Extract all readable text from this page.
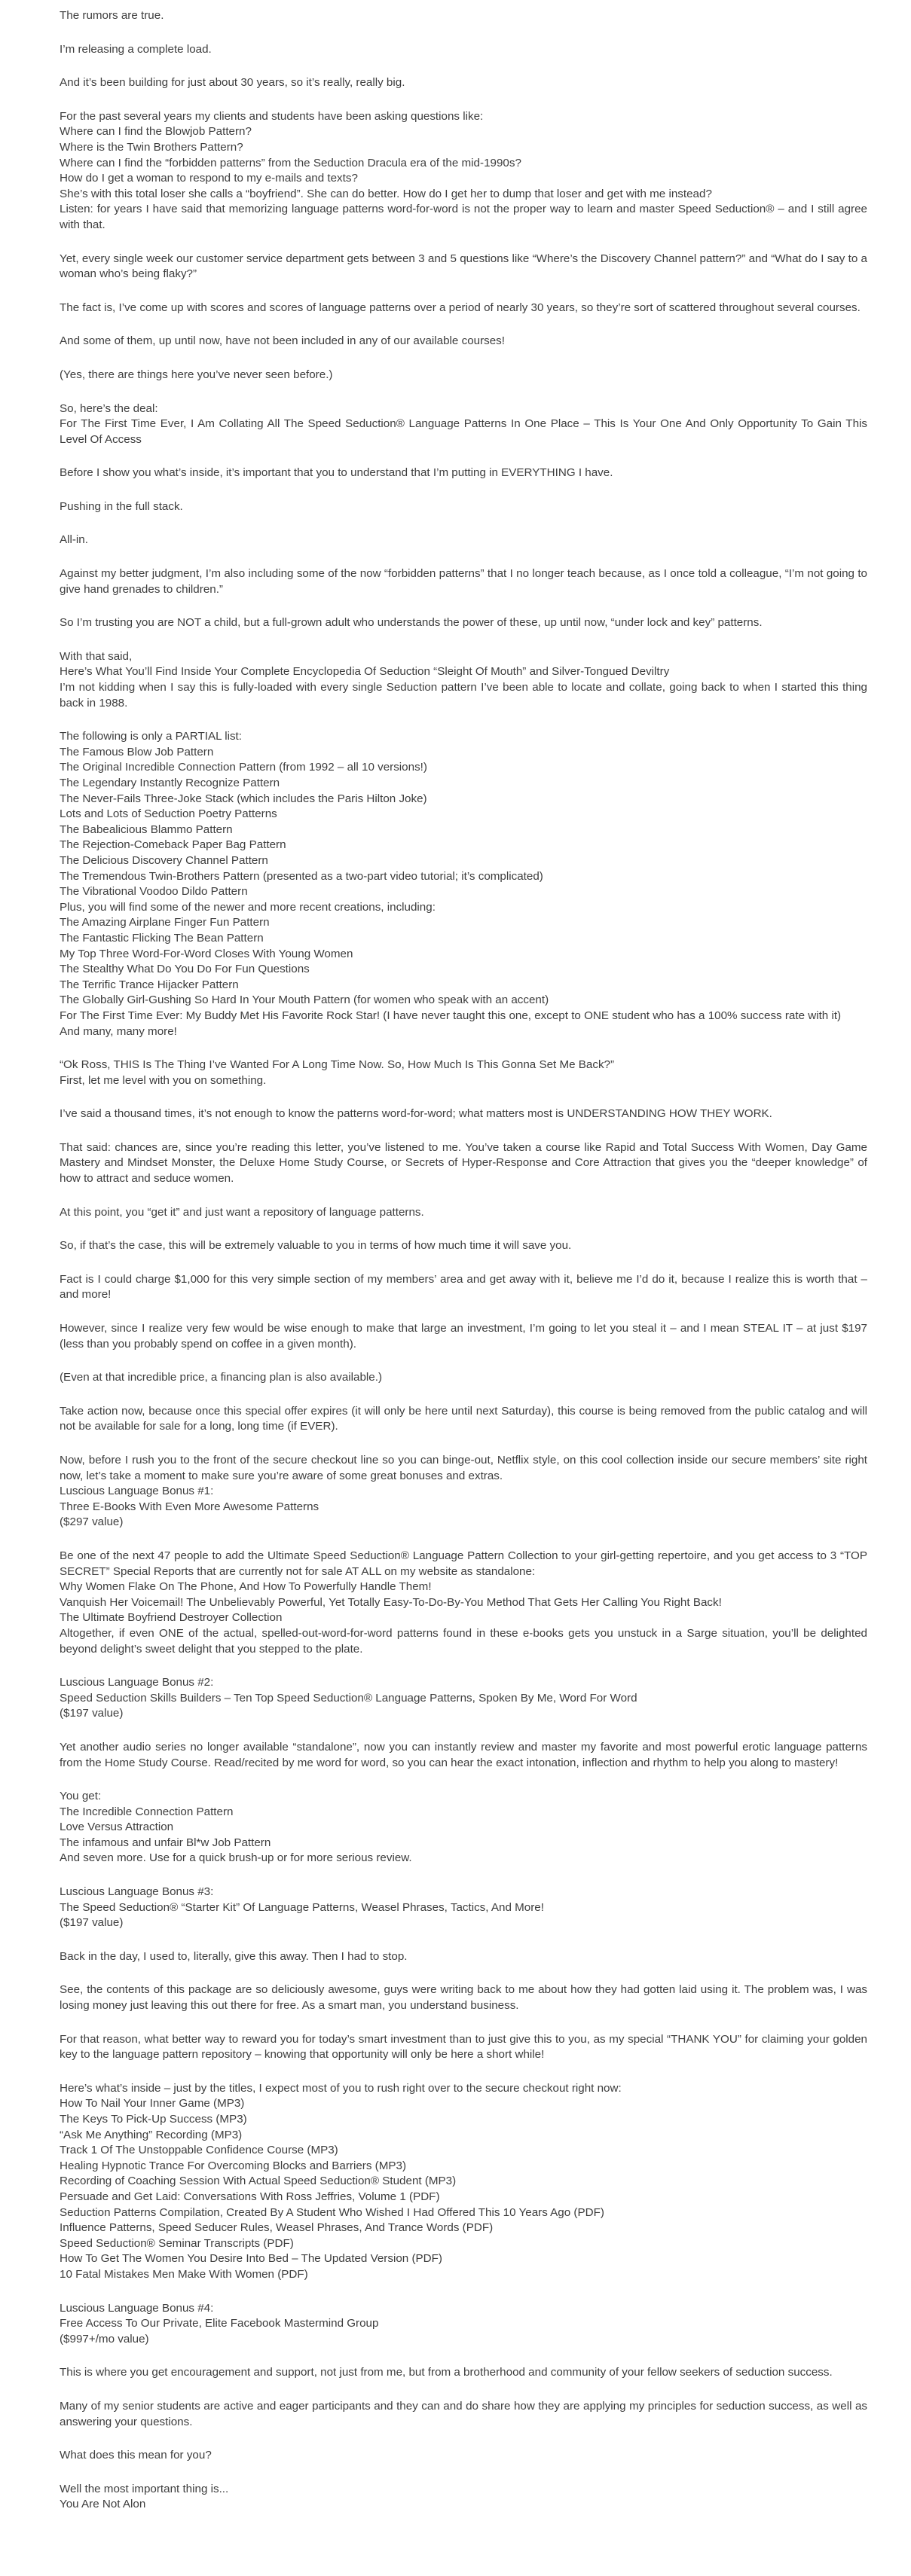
The rumors are true.

I’m releasing a complete load.

And it’s been building for just about 30 years, so it’s really, really big.

For the past several years my clients and students have been asking questions like:
Where can I find the Blowjob Pattern?
Where is the Twin Brothers Pattern?
Where can I find the “forbidden patterns” from the Seduction Dracula era of the mid-1990s?
How do I get a woman to respond to my e-mails and texts?
She’s with this total loser she calls a “boyfriend”. She can do better. How do I get her to dump that loser and get with me instead?
Listen: for years I have said that memorizing language patterns word-for-word is not the proper way to learn and master Speed Seduction® – and I still agree with that.

Yet, every single week our customer service department gets between 3 and 5 questions like “Where’s the Discovery Channel pattern?” and “What do I say to a woman who’s being flaky?”

The fact is, I’ve come up with scores and scores of language patterns over a period of nearly 30 years, so they’re sort of scattered throughout several courses.

And some of them, up until now, have not been included in any of our available courses!

(Yes, there are things here you’ve never seen before.)

So, here’s the deal:
For The First Time Ever, I Am Collating All The Speed Seduction® Language Patterns In One Place – This Is Your One And Only Opportunity To Gain This Level Of Access

Before I show you what’s inside, it’s important that you to understand that I’m putting in EVERYTHING I have.

Pushing in the full stack.

All-in.

Against my better judgment, I’m also including some of the now “forbidden patterns” that I no longer teach because, as I once told a colleague, “I’m not going to give hand grenades to children.”

So I’m trusting you are NOT a child, but a full-grown adult who understands the power of these, up until now, “under lock and key” patterns.

With that said,
Here’s What You’ll Find Inside Your Complete Encyclopedia Of Seduction “Sleight Of Mouth” and Silver-Tongued Deviltry
I’m not kidding when I say this is fully-loaded with every single Seduction pattern I’ve been able to locate and collate, going back to when I started this thing back in 1988.

The following is only a PARTIAL list:
The Famous Blow Job Pattern
The Original Incredible Connection Pattern (from 1992 – all 10 versions!)
The Legendary Instantly Recognize Pattern
The Never-Fails Three-Joke Stack (which includes the Paris Hilton Joke)
Lots and Lots of Seduction Poetry Patterns
The Babealicious Blammo Pattern
The Rejection-Comeback Paper Bag Pattern
The Delicious Discovery Channel Pattern
The Tremendous Twin-Brothers Pattern (presented as a two-part video tutorial; it’s complicated)
The Vibrational Voodoo Dildo Pattern
Plus, you will find some of the newer and more recent creations, including:
The Amazing Airplane Finger Fun Pattern
The Fantastic Flicking The Bean Pattern
My Top Three Word-For-Word Closes With Young Women
The Stealthy What Do You Do For Fun Questions
The Terrific Trance Hijacker Pattern
The Globally Girl-Gushing So Hard In Your Mouth Pattern (for women who speak with an accent)
For The First Time Ever: My Buddy Met His Favorite Rock Star! (I have never taught this one, except to ONE student who has a 100% success rate with it)
And many, many more!

“Ok Ross, THIS Is The Thing I’ve Wanted For A Long Time Now. So, How Much Is This Gonna Set Me Back?”
First, let me level with you on something.

I’ve said a thousand times, it’s not enough to know the patterns word-for-word; what matters most is UNDERSTANDING HOW THEY WORK.

That said: chances are, since you’re reading this letter, you’ve listened to me. You’ve taken a course like Rapid and Total Success With Women, Day Game Mastery and Mindset Monster, the Deluxe Home Study Course, or Secrets of Hyper-Response and Core Attraction that gives you the “deeper knowledge” of how to attract and seduce women.

At this point, you “get it” and just want a repository of language patterns.

So, if that’s the case, this will be extremely valuable to you in terms of how much time it will save you.

Fact is I could charge $1,000 for this very simple section of my members’ area and get away with it, believe me I’d do it, because I realize this is worth that – and more!

However, since I realize very few would be wise enough to make that large an investment, I’m going to let you steal it – and I mean STEAL IT – at just $197 (less than you probably spend on coffee in a given month).

(Even at that incredible price, a financing plan is also available.)

Take action now, because once this special offer expires (it will only be here until next Saturday), this course is being removed from the public catalog and will not be available for sale for a long, long time (if EVER).

Now, before I rush you to the front of the secure checkout line so you can binge-out, Netflix style, on this cool collection inside our secure members’ site right now, let’s take a moment to make sure you’re aware of some great bonuses and extras.
Luscious Language Bonus #1:
Three E-Books With Even More Awesome Patterns
($297 value)

Be one of the next 47 people to add the Ultimate Speed Seduction® Language Pattern Collection to your girl-getting repertoire, and you get access to 3 “TOP SECRET” Special Reports that are currently not for sale AT ALL on my website as standalone:
Why Women Flake On The Phone, And How To Powerfully Handle Them!
Vanquish Her Voicemail! The Unbelievably Powerful, Yet Totally Easy-To-Do-By-You Method That Gets Her Calling You Right Back!
The Ultimate Boyfriend Destroyer Collection
Altogether, if even ONE of the actual, spelled-out-word-for-word patterns found in these e-books gets you unstuck in a Sarge situation, you’ll be delighted beyond delight’s sweet delight that you stepped to the plate.

Luscious Language Bonus #2:
Speed Seduction Skills Builders – Ten Top Speed Seduction® Language Patterns, Spoken By Me, Word For Word
($197 value)

Yet another audio series no longer available “standalone”, now you can instantly review and master my favorite and most powerful erotic language patterns from the Home Study Course. Read/recited by me word for word, so you can hear the exact intonation, inflection and rhythm to help you along to mastery!

You get:
The Incredible Connection Pattern
Love Versus Attraction
The infamous and unfair Bl*w Job Pattern
And seven more. Use for a quick brush-up or for more serious review.

Luscious Language Bonus #3:
The Speed Seduction® “Starter Kit” Of Language Patterns, Weasel Phrases, Tactics, And More!
($197 value)

Back in the day, I used to, literally, give this away. Then I had to stop.

See, the contents of this package are so deliciously awesome, guys were writing back to me about how they had gotten laid using it. The problem was, I was losing money just leaving this out there for free. As a smart man, you understand business.

For that reason, what better way to reward you for today’s smart investment than to just give this to you, as my special “THANK YOU” for claiming your golden key to the language pattern repository – knowing that opportunity will only be here a short while!

Here’s what’s inside – just by the titles, I expect most of you to rush right over to the secure checkout right now:
How To Nail Your Inner Game (MP3)
The Keys To Pick-Up Success (MP3)
“Ask Me Anything” Recording (MP3)
Track 1 Of The Unstoppable Confidence Course (MP3)
Healing Hypnotic Trance For Overcoming Blocks and Barriers (MP3)
Recording of Coaching Session With Actual Speed Seduction® Student (MP3)
Persuade and Get Laid: Conversations With Ross Jeffries, Volume 1 (PDF)
Seduction Patterns Compilation, Created By A Student Who Wished I Had Offered This 10 Years Ago (PDF)
Influence Patterns, Speed Seducer Rules, Weasel Phrases, And Trance Words (PDF)
Speed Seduction® Seminar Transcripts (PDF)
How To Get The Women You Desire Into Bed – The Updated Version (PDF)
10 Fatal Mistakes Men Make With Women (PDF)

Luscious Language Bonus #4:
Free Access To Our Private, Elite Facebook Mastermind Group
($997+/mo value)

This is where you get encouragement and support, not just from me, but from a brotherhood and community of your fellow seekers of seduction success.

Many of my senior students are active and eager participants and they can and do share how they are applying my principles for seduction success, as well as answering your questions.

What does this mean for you?

Well the most important thing is...
You Are Not Alon
